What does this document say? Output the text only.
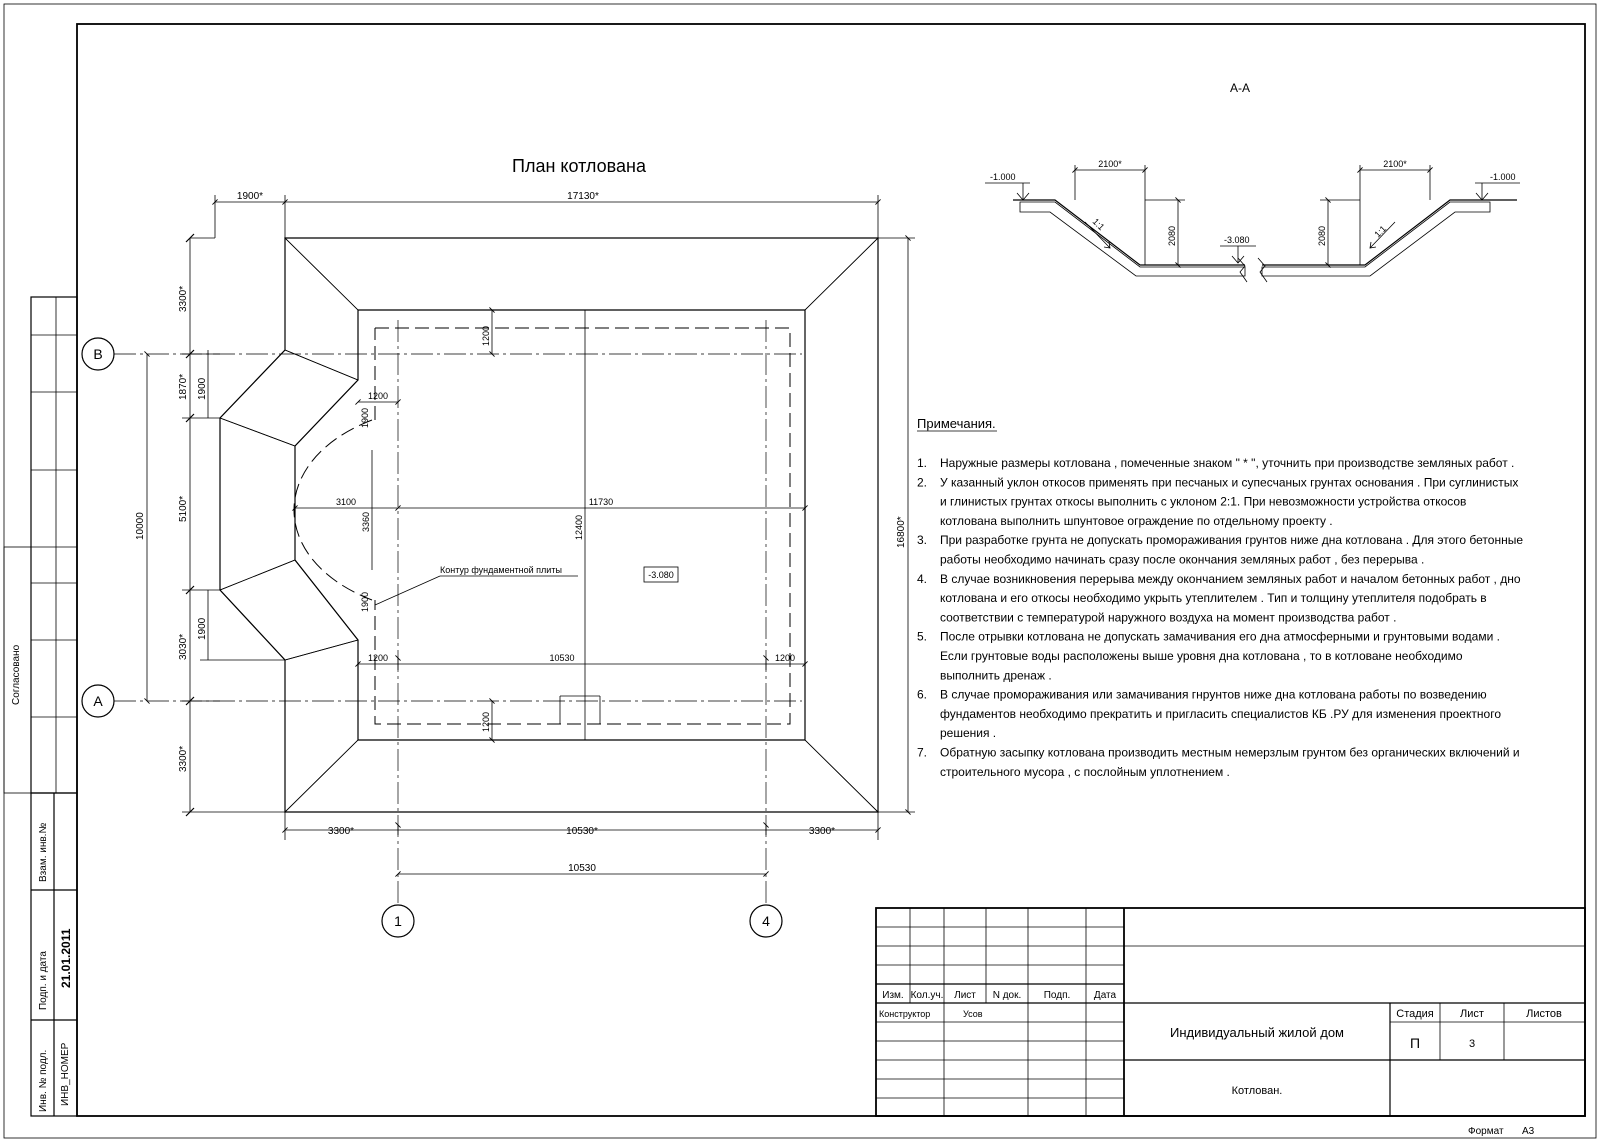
Согласовано
Взам. инв.№
Подп. и дата 21.01.2011
Инв. № подл. ИНВ_НОМЕР
План котлована
В
А
1	4
1900*	17130*
3300*	10530*	3300*
10530
3300*
1870*
5100*
3030*
3300*
1900
1900
10000	16800*
1200
1200
1900
3100	11730
3360	12400
1900
1200	10530	1200
1200
Контур фундаментной плиты	-3.080
А-А
-1.000	-1.000
-3.080
2100*	2100*
2080	2080
1:1	1:1
Примечания.
1. Наружные размеры котлована , помеченные знаком " * ", уточнить при производстве земляных работ .
2. У казанный уклон откосов применять при песчаных и супесчаных грунтах основания . При суглинистых
и глинистых грунтах откосы выполнить с уклоном 2:1. При невозможности устройства откосов
котлована выполнить шпунтовое ограждение по отдельному проекту .
3. При разработке грунта не допускать промораживания грунтов ниже дна котлована . Для этого бетонные
работы необходимо начинать сразу после окончания земляных работ , без перерыва .
4. В случае возникновения перерыва между окончанием земляных работ и началом бетонных работ , дно
котлована и его откосы необходимо укрыть утеплителем . Тип и толщину утеплителя подобрать в
соответствии с температурой наружного воздуха на момент производства работ .
5. После отрывки котлована не допускать замачивания его дна атмосферными и грунтовыми водами .
Если грунтовые воды расположены выше уровня дна котлована , то в котловане необходимо
выполнить дренаж .
6. В случае промораживания или замачивания гнрунтов ниже дна котлована работы по возведению
фундаментов необходимо прекратить и пригласить специалистов КБ .РУ для изменения проектного
решения .
7. Обратную засыпку котлована производить местным немерзлым грунтом без органических включений и
строительного мусора , с послойным уплотнением .
Изм. Кол.уч. Лист N док. Подп. Дата
Конструктор	Усов
Индивидуальный жилой дом
Стадия Лист	Листов
П	3
Котлован.
Формат А3
